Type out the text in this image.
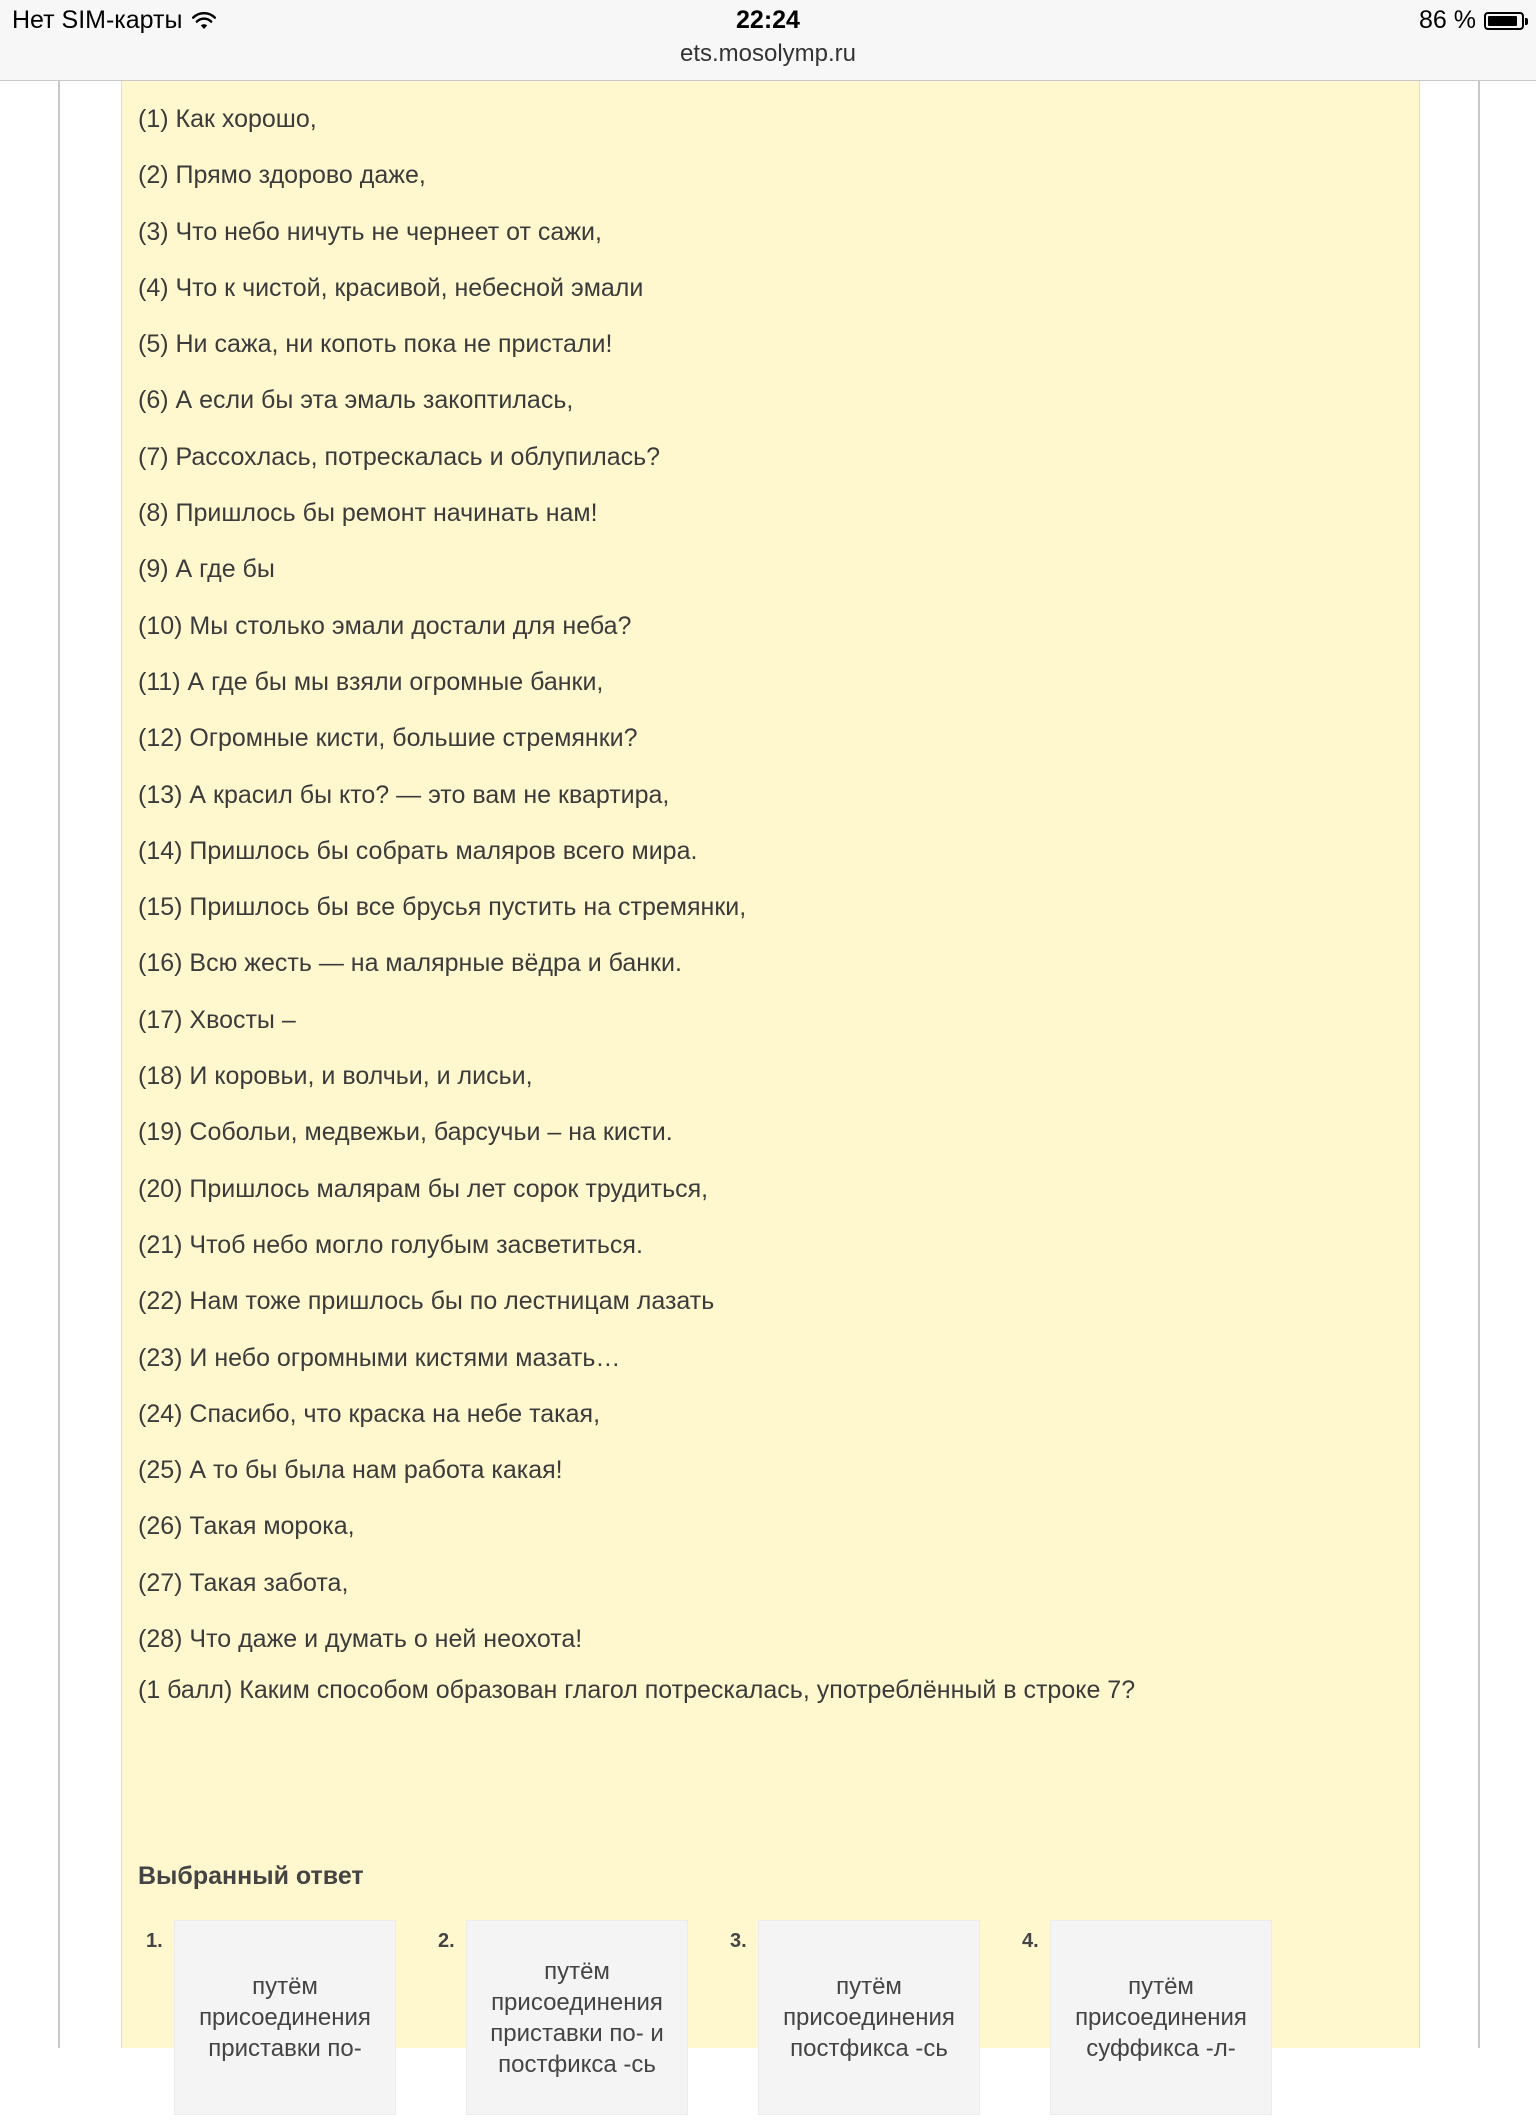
Нет SIM-карты	22:24	86 %
ets.mosolymp.ru
(1) Как хорошо,
(2) Прямо здорово даже,
(3) Что небо ничуть не чернеет от сажи,
(4) Что к чистой, красивой, небесной эмали
(5) Ни сажа, ни копоть пока не пристали!
(6) А если бы эта эмаль закоптилась,
(7) Рассохлась, потрескалась и облупилась?
(8) Пришлось бы ремонт начинать нам!
(9) А где бы
(10) Мы столько эмали достали для неба?
(11) А где бы мы взяли огромные банки,
(12) Огромные кисти, большие стремянки?
(13) А красил бы кто? — это вам не квартира,
(14) Пришлось бы собрать маляров всего мира.
(15) Пришлось бы все брусья пустить на стремянки,
(16) Всю жесть — на малярные вёдра и банки.
(17) Хвосты –
(18) И коровьи, и волчьи, и лисьи,
(19) Собольи, медвежьи, барсучьи – на кисти.
(20) Пришлось малярам бы лет сорок трудиться,
(21) Чтоб небо могло голубым засветиться.
(22) Нам тоже пришлось бы по лестницам лазать
(23) И небо огромными кистями мазать…
(24) Спасибо, что краска на небе такая,
(25) А то бы была нам работа какая!
(26) Такая морока,
(27) Такая забота,
(28) Что даже и думать о ней неохота!
(1 балл) Каким способом образован глагол потрескалась, употреблённый в строке 7?
Выбранный ответ
1.
путём присоединения приставки по-
2.
путём присоединения приставки по- и постфикса -сь
3.
путём присоединения постфикса -сь
4.
путём присоединения суффикса -л-
